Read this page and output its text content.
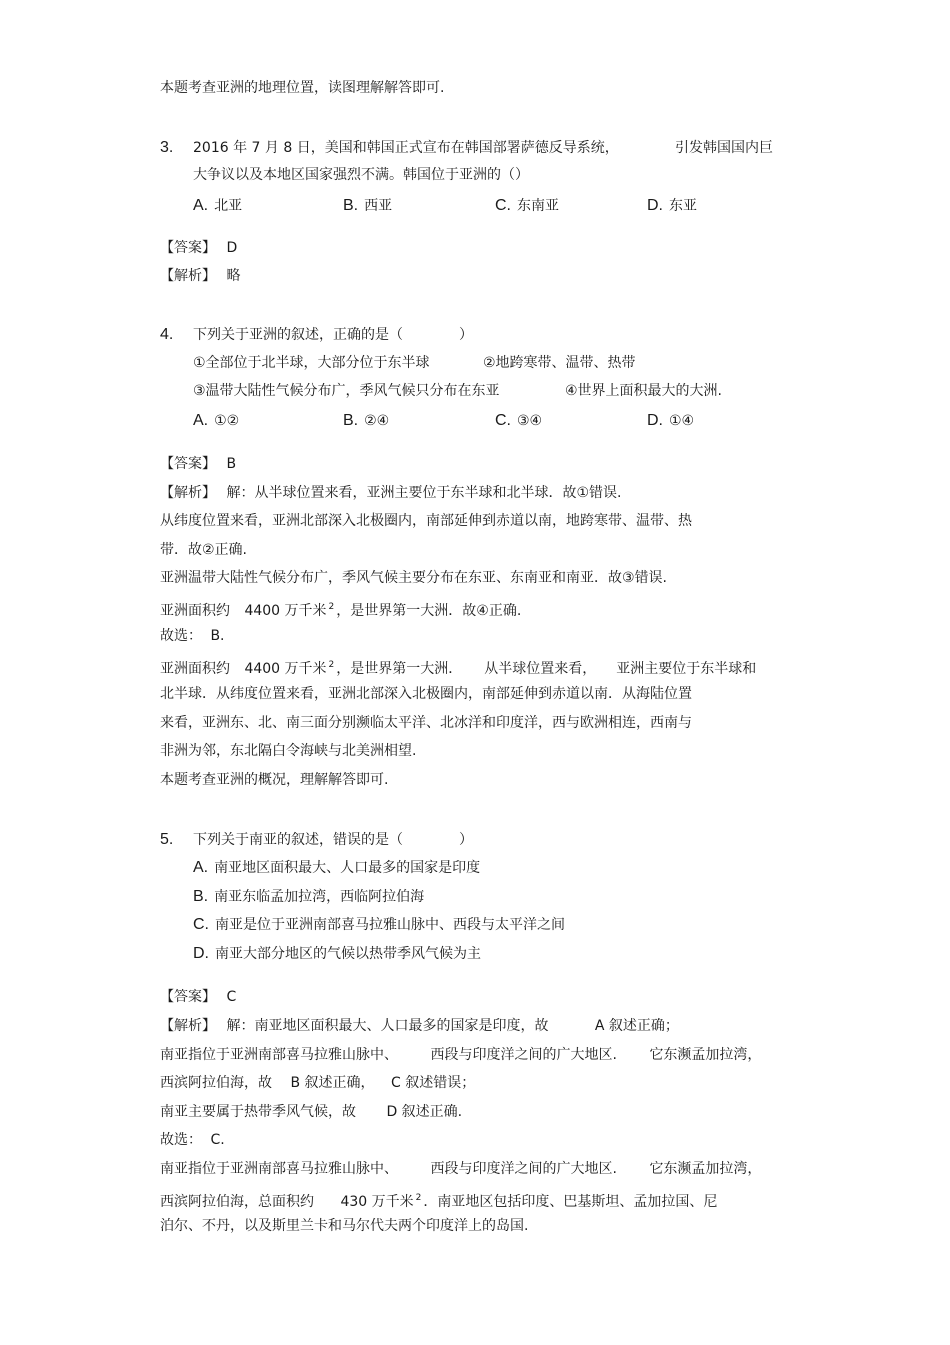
本题考查亚洲的地理位置，读图理解解答即可.
3. 2016 年 7 月 8 日，美国和韩国正式宣布在韩国部署萨德反导系统，	引发韩国国内巨
大争议以及本地区国家强烈不满。韩国位于亚洲的（）
A. 北亚	B. 西亚	C. 东南亚	D. 东亚
【答案】 D
【解析】 略
4. 下列关于亚洲的叙述，正确的是（　　　　）
①全部位于北半球，大部分位于东半球	②地跨寒带、温带、热带
③温带大陆性气候分布广，季风气候只分布在东亚	④世界上面积最大的大洲.
A. ①②	B. ②④	C. ③④	D. ①④
【答案】 B
【解析】 解：从半球位置来看，亚洲主要位于东半球和北半球．故①错误.
从纬度位置来看，亚洲北部深入北极圈内，南部延伸到赤道以南，地跨寒带、温带、热
带．故②正确.
亚洲温带大陆性气候分布广，季风气候主要分布在东亚、东南亚和南亚．故③错误.
亚洲面积约 4400 万千米 $^2$ ，是世界第一大洲．故④正确.
故选： B.
亚洲面积约 4400 万千米 $^2$ ，是世界第一大洲． 从半球位置来看， 亚洲主要位于东半球和
北半球．从纬度位置来看，亚洲北部深入北极圈内，南部延伸到赤道以南．从海陆位置
来看，亚洲东、北、南三面分别濒临太平洋、北冰洋和印度洋，西与欧洲相连，西南与
非洲为邻，东北隔白令海峡与北美洲相望.
本题考查亚洲的概况，理解解答即可.
5. 下列关于南亚的叙述，错误的是（　　　　）
A. 南亚地区面积最大、人口最多的国家是印度
B. 南亚东临孟加拉湾，西临阿拉伯海
C. 南亚是位于亚洲南部喜马拉雅山脉中、西段与太平洋之间
D. 南亚大部分地区的气候以热带季风气候为主
【答案】 C
【解析】 解：南亚地区面积最大、人口最多的国家是印度，故	A 叙述正确；
南亚指位于亚洲南部喜马拉雅山脉中、 西段与印度洋之间的广大地区. 它东濒孟加拉湾，
西滨阿拉伯海，故 B 叙述正确， C 叙述错误；
南亚主要属于热带季风气候，故 D 叙述正确.
故选： C.
南亚指位于亚洲南部喜马拉雅山脉中、 西段与印度洋之间的广大地区. 它东濒孟加拉湾，
西滨阿拉伯海，总面积约 430 万千米 $^2$ ．南亚地区包括印度、巴基斯坦、孟加拉国、尼
泊尔、不丹，以及斯里兰卡和马尔代夫两个印度洋上的岛国.
